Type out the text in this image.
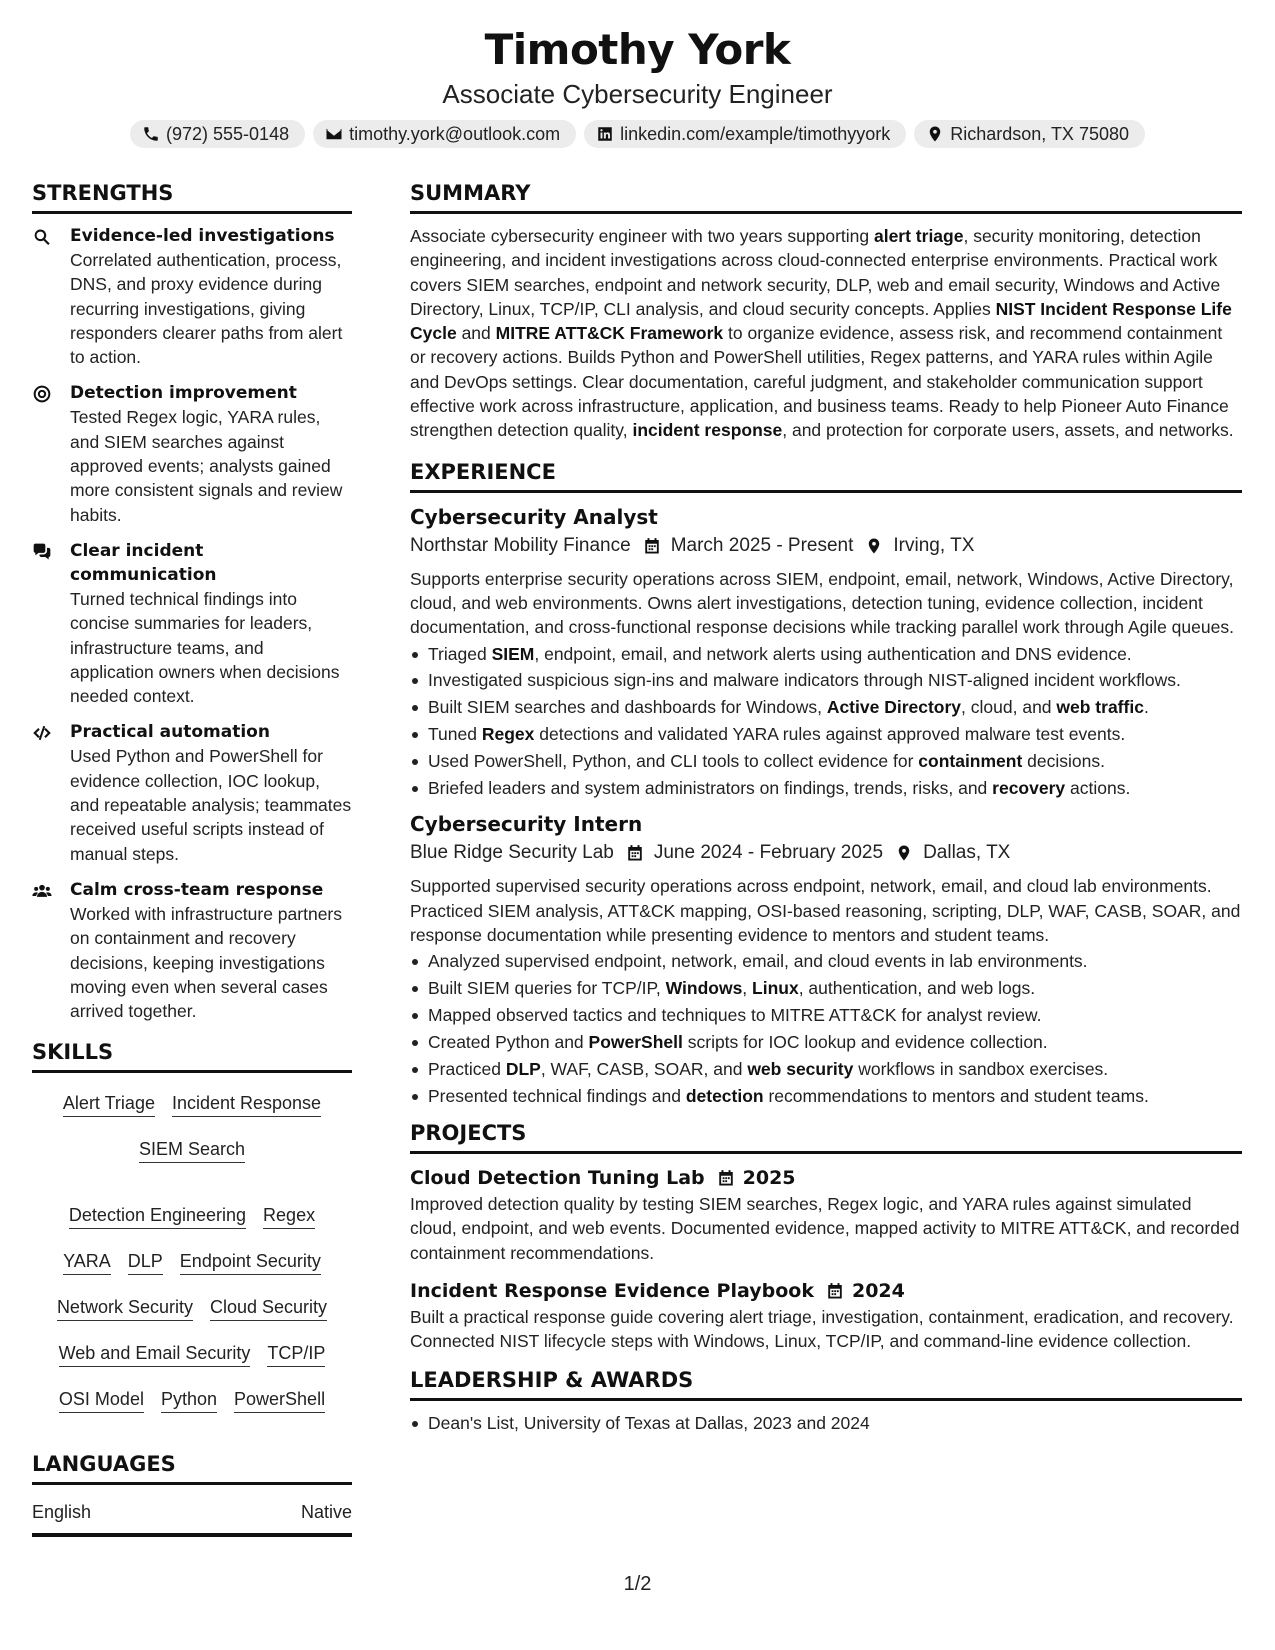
Timothy York
Associate Cybersecurity Engineer
(972) 555-0148	timothy.york@outlook.com	linkedin.com/example/timothyyork	Richardson, TX 75080
STRENGTHS
Evidence-led investigations
Correlated authentication, process, DNS, and proxy evidence during recurring investigations, giving responders clearer paths from alert to action.
Detection improvement
Tested Regex logic, YARA rules, and SIEM searches against approved events; analysts gained more consistent signals and review habits.
Clear incident communication
Turned technical findings into concise summaries for leaders, infrastructure teams, and application owners when decisions needed context.
Practical automation
Used Python and PowerShell for evidence collection, IOC lookup, and repeatable analysis; teammates received useful scripts instead of manual steps.
Calm cross-team response
Worked with infrastructure partners on containment and recovery decisions, keeping investigations moving even when several cases arrived together.
SKILLS
Alert Triage Incident Response
SIEM Search
Detection Engineering Regex
YARA DLP Endpoint Security
Network Security Cloud Security
Web and Email Security TCP/IP
OSI Model Python PowerShell
LANGUAGES
English	Native
SUMMARY
Associate cybersecurity engineer with two years supporting alert triage, security monitoring, detection engineering, and incident investigations across cloud-connected enterprise environments. Practical work covers SIEM searches, endpoint and network security, DLP, web and email security, Windows and Active Directory, Linux, TCP/IP, CLI analysis, and cloud security concepts. Applies NIST Incident Response Life Cycle and MITRE ATT&CK Framework to organize evidence, assess risk, and recommend containment or recovery actions. Builds Python and PowerShell utilities, Regex patterns, and YARA rules within Agile and DevOps settings. Clear documentation, careful judgment, and stakeholder communication support effective work across infrastructure, application, and business teams. Ready to help Pioneer Auto Finance strengthen detection quality, incident response, and protection for corporate users, assets, and networks.
EXPERIENCE
Cybersecurity Analyst
Northstar Mobility Finance March 2025 - Present Irving, TX
Supports enterprise security operations across SIEM, endpoint, email, network, Windows, Active Directory, cloud, and web environments. Owns alert investigations, detection tuning, evidence collection, incident documentation, and cross-functional response decisions while tracking parallel work through Agile queues.
Triaged SIEM, endpoint, email, and network alerts using authentication and DNS evidence.
Investigated suspicious sign-ins and malware indicators through NIST-aligned incident workflows.
Built SIEM searches and dashboards for Windows, Active Directory, cloud, and web traffic.
Tuned Regex detections and validated YARA rules against approved malware test events.
Used PowerShell, Python, and CLI tools to collect evidence for containment decisions.
Briefed leaders and system administrators on findings, trends, risks, and recovery actions.
Cybersecurity Intern
Blue Ridge Security Lab June 2024 - February 2025 Dallas, TX
Supported supervised security operations across endpoint, network, email, and cloud lab environments. Practiced SIEM analysis, ATT&CK mapping, OSI-based reasoning, scripting, DLP, WAF, CASB, SOAR, and response documentation while presenting evidence to mentors and student teams.
Analyzed supervised endpoint, network, email, and cloud events in lab environments.
Built SIEM queries for TCP/IP, Windows, Linux, authentication, and web logs.
Mapped observed tactics and techniques to MITRE ATT&CK for analyst review.
Created Python and PowerShell scripts for IOC lookup and evidence collection.
Practiced DLP, WAF, CASB, SOAR, and web security workflows in sandbox exercises.
Presented technical findings and detection recommendations to mentors and student teams.
PROJECTS
Cloud Detection Tuning Lab 2025
Improved detection quality by testing SIEM searches, Regex logic, and YARA rules against simulated cloud, endpoint, and web events. Documented evidence, mapped activity to MITRE ATT&CK, and recorded containment recommendations.
Incident Response Evidence Playbook 2024
Built a practical response guide covering alert triage, investigation, containment, eradication, and recovery. Connected NIST lifecycle steps with Windows, Linux, TCP/IP, and command-line evidence collection.
LEADERSHIP & AWARDS
Dean's List, University of Texas at Dallas, 2023 and 2024
1/2
